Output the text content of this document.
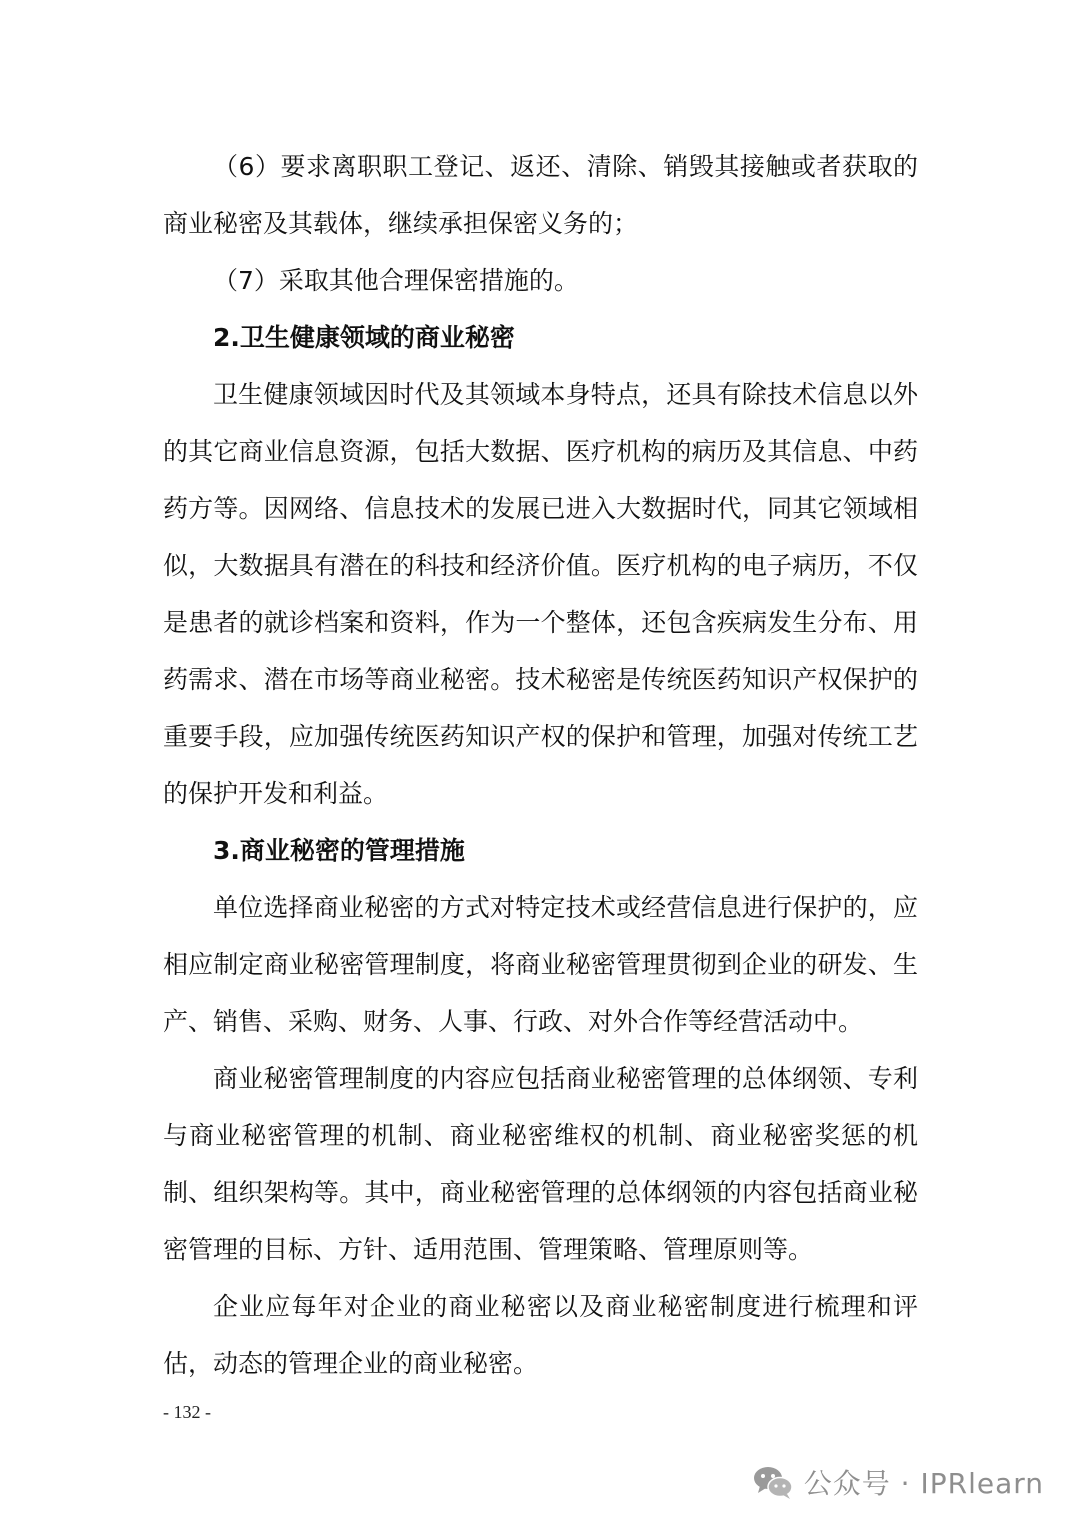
（6）要求离职职工登记、返还、清除、销毁其接触或者获取的商业秘密及其载体，继续承担保密义务的；

（7）采取其他合理保密措施的。

2.卫生健康领域的商业秘密

卫生健康领域因时代及其领域本身特点，还具有除技术信息以外的其它商业信息资源，包括大数据、医疗机构的病历及其信息、中药药方等。因网络、信息技术的发展已进入大数据时代，同其它领域相似，大数据具有潜在的科技和经济价值。医疗机构的电子病历，不仅是患者的就诊档案和资料，作为一个整体，还包含疾病发生分布、用药需求、潜在市场等商业秘密。技术秘密是传统医药知识产权保护的重要手段，应加强传统医药知识产权的保护和管理，加强对传统工艺的保护开发和利益。

3.商业秘密的管理措施

单位选择商业秘密的方式对特定技术或经营信息进行保护的，应相应制定商业秘密管理制度，将商业秘密管理贯彻到企业的研发、生产、销售、采购、财务、人事、行政、对外合作等经营活动中。

商业秘密管理制度的内容应包括商业秘密管理的总体纲领、专利与商业秘密管理的机制、商业秘密维权的机制、商业秘密奖惩的机制、组织架构等。其中，商业秘密管理的总体纲领的内容包括商业秘密管理的目标、方针、适用范围、管理策略、管理原则等。

企业应每年对企业的商业秘密以及商业秘密制度进行梳理和评估，动态的管理企业的商业秘密。

- 132 -
公众号 · IPRlearn
